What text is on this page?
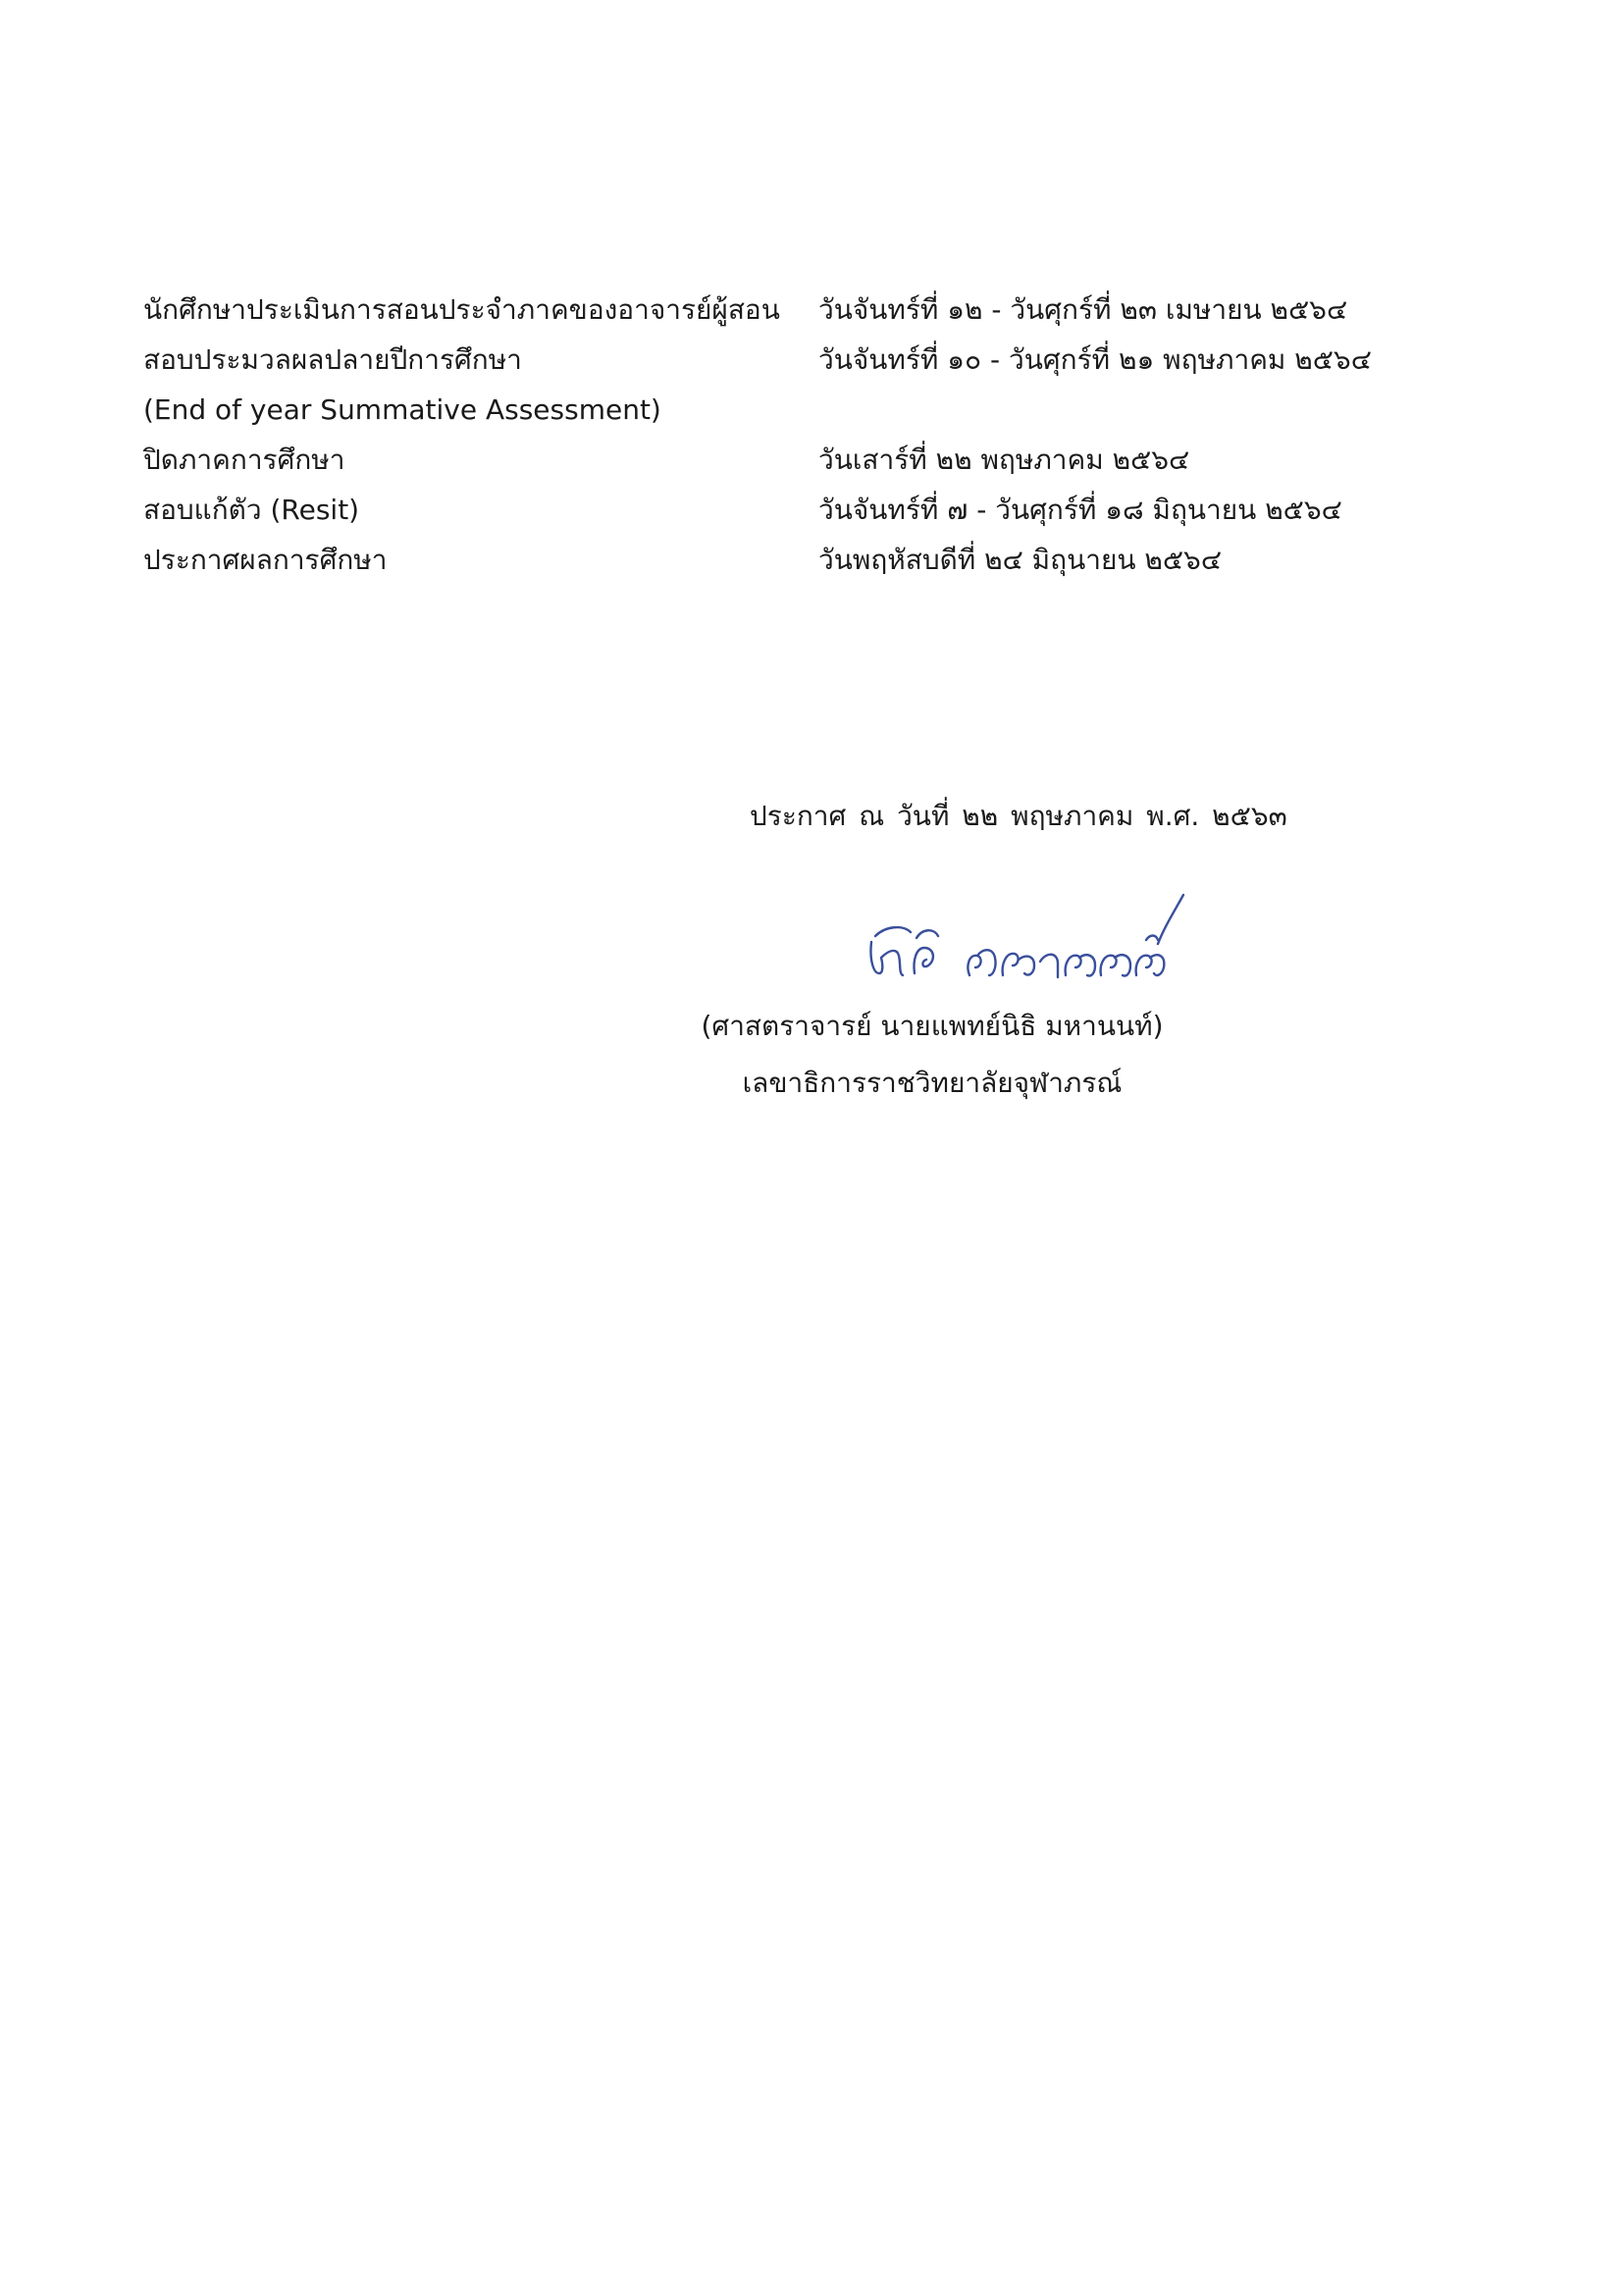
นักศึกษาประเมินการสอนประจำภาคของอาจารย์ผู้สอน	วันจันทร์ที่ ๑๒ - วันศุกร์ที่ ๒๓ เมษายน ๒๕๖๔
สอบประมวลผลปลายปีการศึกษา	วันจันทร์ที่ ๑๐ - วันศุกร์ที่ ๒๑ พฤษภาคม ๒๕๖๔
(End of year Summative Assessment)
ปิดภาคการศึกษา	วันเสาร์ที่ ๒๒ พฤษภาคม ๒๕๖๔
สอบแก้ตัว (Resit)	วันจันทร์ที่ ๗ - วันศุกร์ที่ ๑๘ มิถุนายน ๒๕๖๔
ประกาศผลการศึกษา	วันพฤหัสบดีที่ ๒๔ มิถุนายน ๒๕๖๔
ประกาศ ณ วันที่ ๒๒ พฤษภาคม พ.ศ. ๒๕๖๓
(ศาสตราจารย์ นายแพทย์นิธิ มหานนท์)
เลขาธิการราชวิทยาลัยจุฬาภรณ์
